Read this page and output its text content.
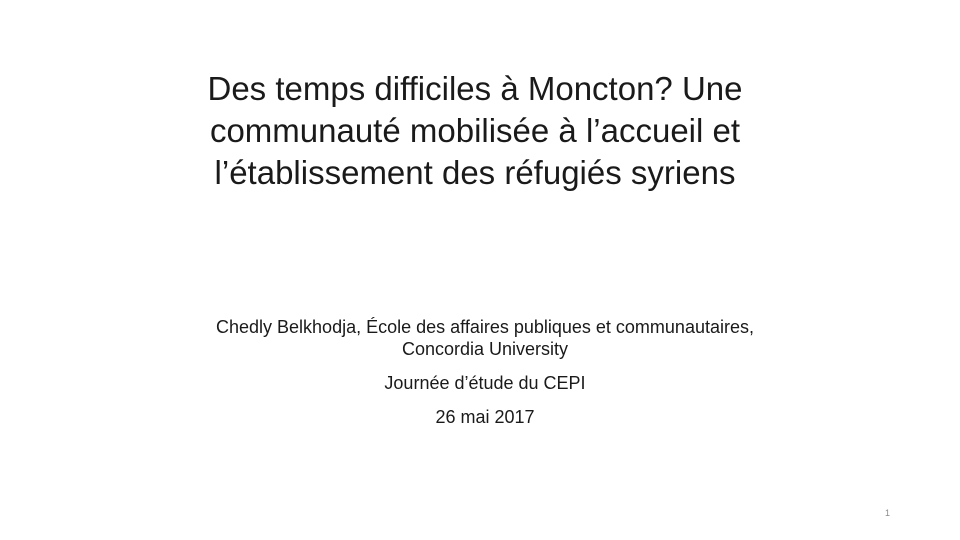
Des temps difficiles à Moncton? Une
communauté mobilisée à l’accueil et
l’établissement des réfugiés syriens
Chedly Belkhodja, École des affaires publiques et communautaires,
Concordia University
Journée d’étude du CEPI
26 mai 2017
1
